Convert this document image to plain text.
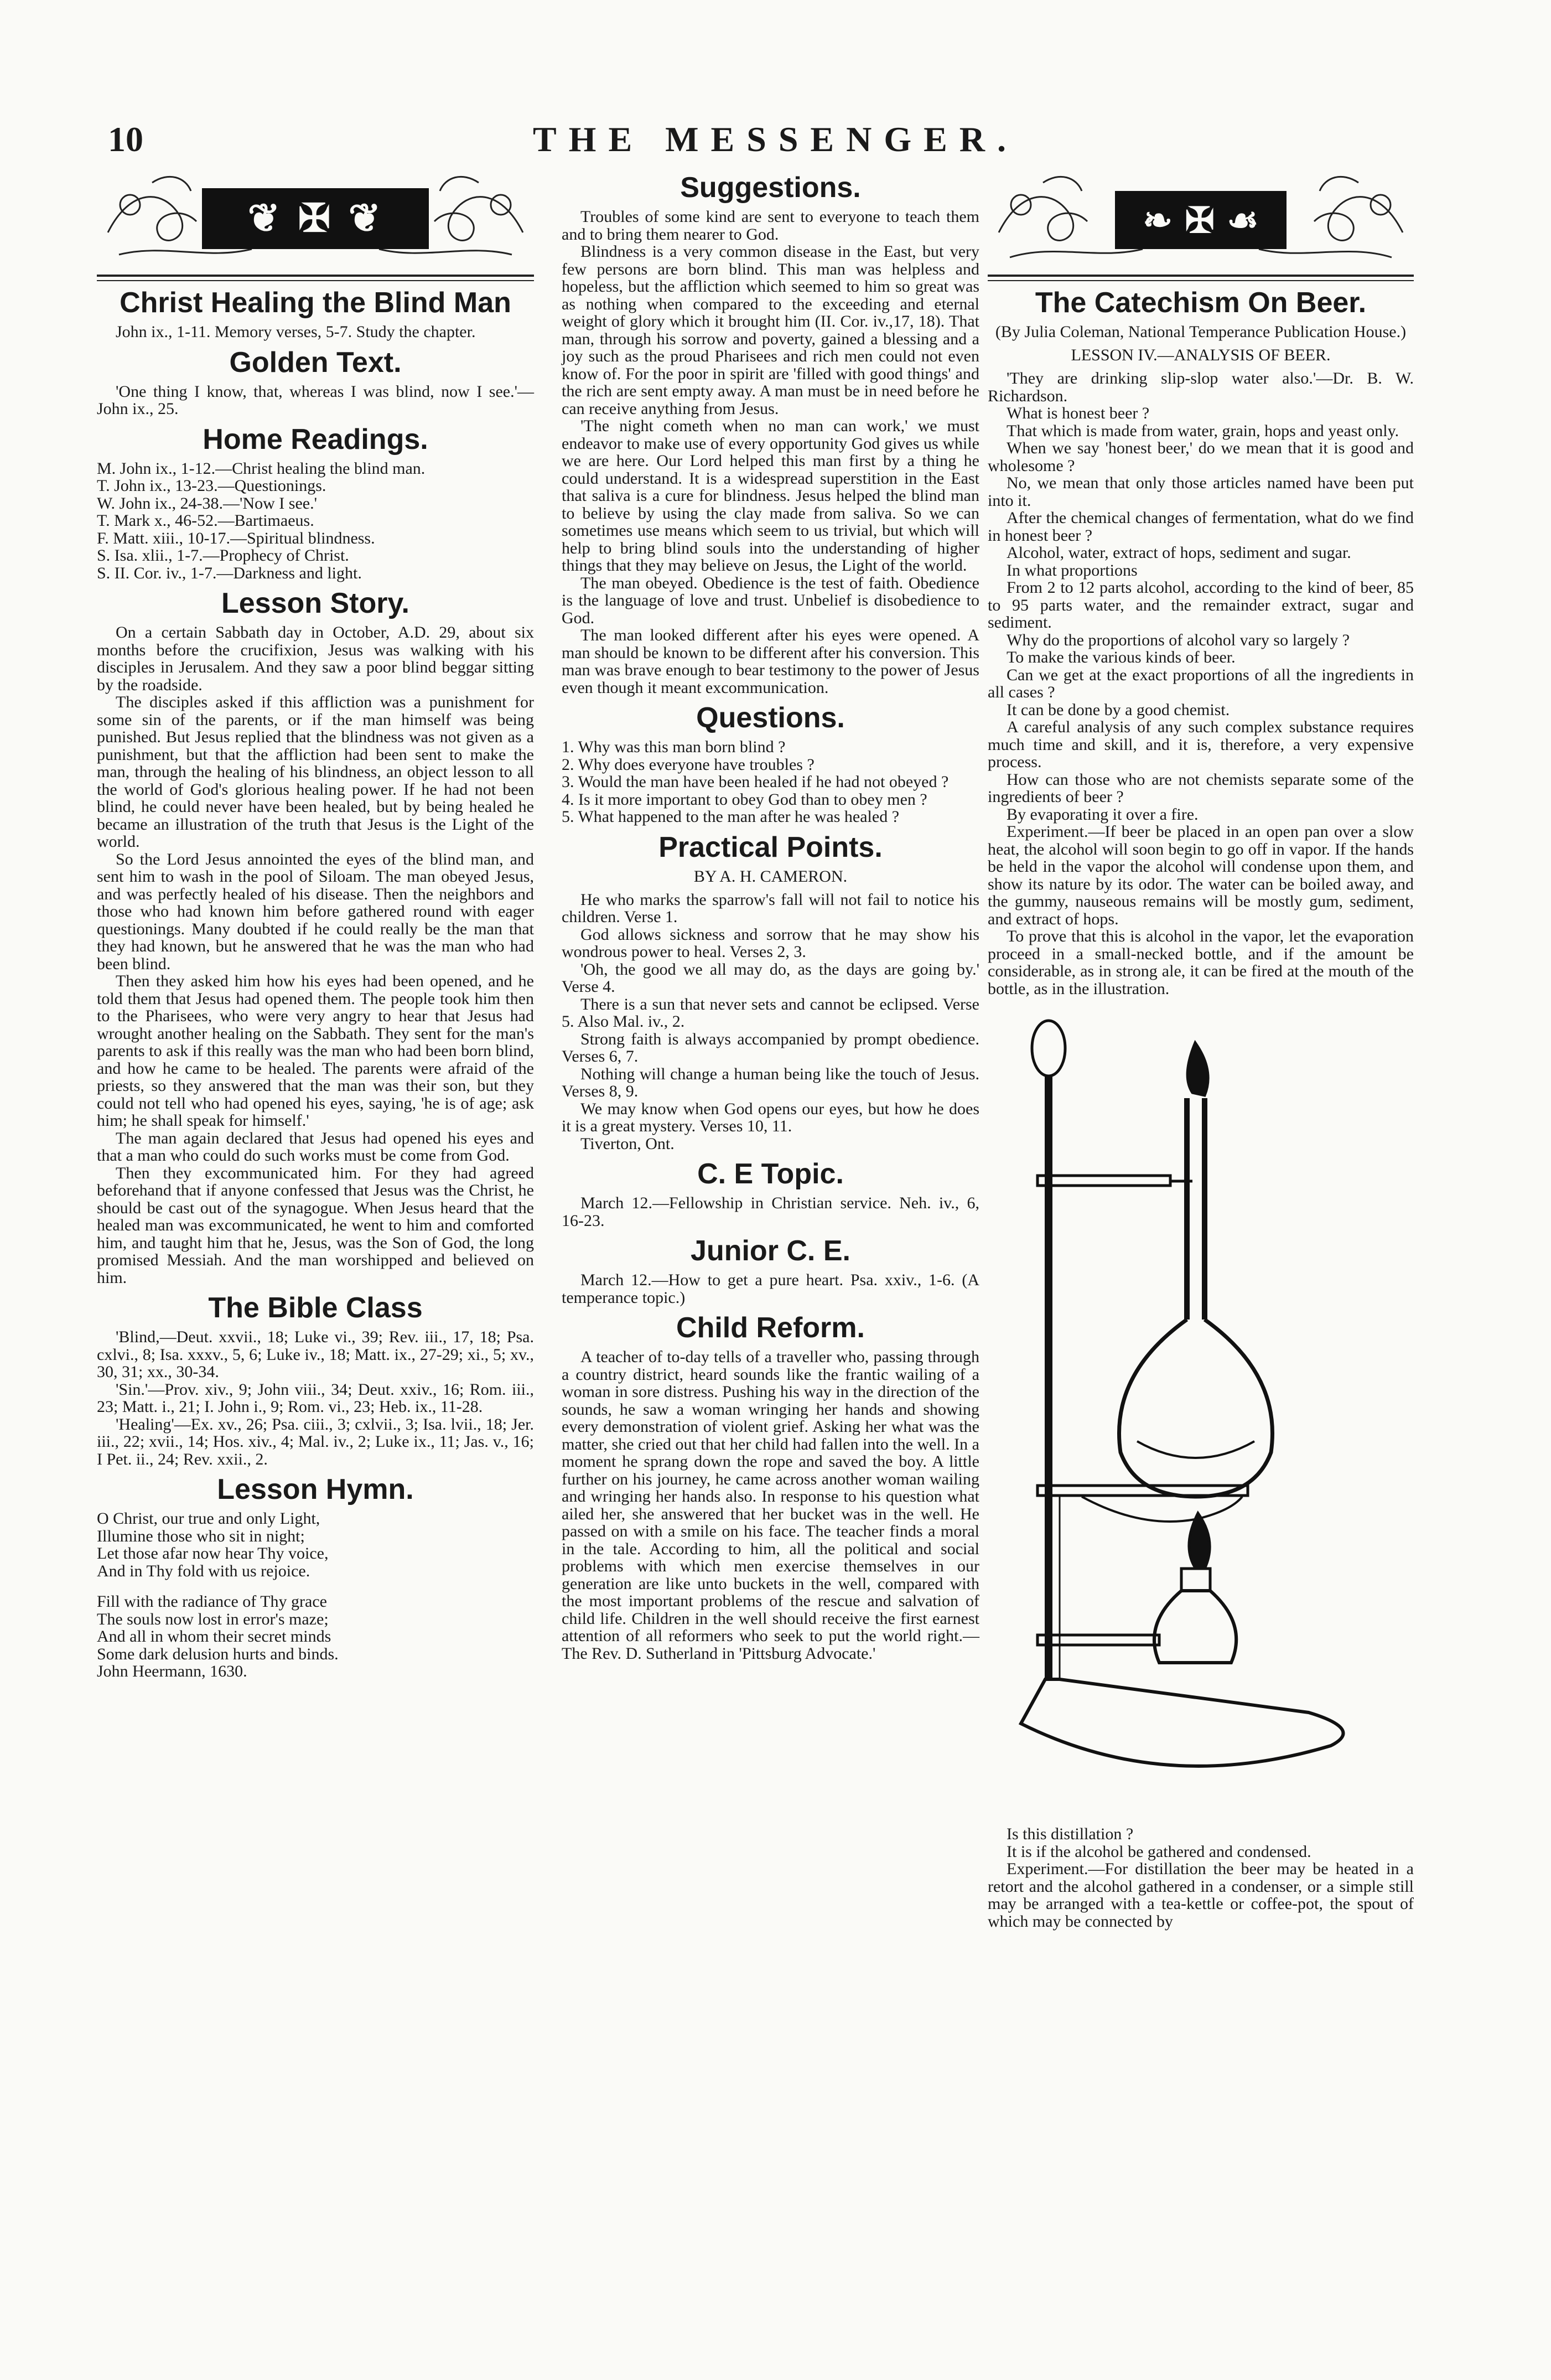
10	THE MESSENGER.
❦ ✠ ❦
Christ Healing the Blind Man

John ix., 1-11. Memory verses, 5-7. Study the chapter.

Golden Text.

'One thing I know, that, whereas I was blind, now I see.'—John ix., 25.

Home Readings.
M. John ix., 1-12.—Christ healing the blind man.
T. John ix., 13-23.—Questionings.
W. John ix., 24-38.—'Now I see.'
T. Mark x., 46-52.—Bartimaeus.
F. Matt. xiii., 10-17.—Spiritual blindness.
S. Isa. xlii., 1-7.—Prophecy of Christ.
S. II. Cor. iv., 1-7.—Darkness and light.
Lesson Story.

On a certain Sabbath day in October, A.D. 29, about six months before the crucifixion, Jesus was walking with his disciples in Jerusalem. And they saw a poor blind beggar sitting by the roadside.

The disciples asked if this affliction was a punishment for some sin of the parents, or if the man himself was being punished. But Jesus replied that the blindness was not given as a punishment, but that the affliction had been sent to make the man, through the healing of his blindness, an object lesson to all the world of God's glorious healing power. If he had not been blind, he could never have been healed, but by being healed he became an illustration of the truth that Jesus is the Light of the world.

So the Lord Jesus annointed the eyes of the blind man, and sent him to wash in the pool of Siloam. The man obeyed Jesus, and was perfectly healed of his disease. Then the neighbors and those who had known him before gathered round with eager questionings. Many doubted if he could really be the man that they had known, but he answered that he was the man who had been blind.

Then they asked him how his eyes had been opened, and he told them that Jesus had opened them. The people took him then to the Pharisees, who were very angry to hear that Jesus had wrought another healing on the Sabbath. They sent for the man's parents to ask if this really was the man who had been born blind, and how he came to be healed. The parents were afraid of the priests, so they answered that the man was their son, but they could not tell who had opened his eyes, saying, 'he is of age; ask him; he shall speak for himself.'

The man again declared that Jesus had opened his eyes and that a man who could do such works must be come from God.

Then they excommunicated him. For they had agreed beforehand that if anyone confessed that Jesus was the Christ, he should be cast out of the synagogue. When Jesus heard that the healed man was excommunicated, he went to him and comforted him, and taught him that he, Jesus, was the Son of God, the long promised Messiah. And the man worshipped and believed on him.

The Bible Class

'Blind,—Deut. xxvii., 18; Luke vi., 39; Rev. iii., 17, 18; Psa. cxlvi., 8; Isa. xxxv., 5, 6; Luke iv., 18; Matt. ix., 27-29; xi., 5; xv., 30, 31; xx., 30-34.

'Sin.'—Prov. xiv., 9; John viii., 34; Deut. xxiv., 16; Rom. iii., 23; Matt. i., 21; I. John i., 9; Rom. vi., 23; Heb. ix., 11-28.

'Healing'—Ex. xv., 26; Psa. ciii., 3; cxlvii., 3; Isa. lvii., 18; Jer. iii., 22; xvii., 14; Hos. xiv., 4; Mal. iv., 2; Luke ix., 11; Jas. v., 16; I Pet. ii., 24; Rev. xxii., 2.

Lesson Hymn.
O Christ, our true and only Light,
Illumine those who sit in night;
Let those afar now hear Thy voice,
And in Thy fold with us rejoice.
Fill with the radiance of Thy grace
The souls now lost in error's maze;
And all in whom their secret minds
Some dark delusion hurts and binds.
John Heermann, 1630.
Suggestions.

Troubles of some kind are sent to everyone to teach them and to bring them nearer to God.

Blindness is a very common disease in the East, but very few persons are born blind. This man was helpless and hopeless, but the affliction which seemed to him so great was as nothing when compared to the exceeding and eternal weight of glory which it brought him (II. Cor. iv.,17, 18). That man, through his sorrow and poverty, gained a blessing and a joy such as the proud Pharisees and rich men could not even know of. For the poor in spirit are 'filled with good things' and the rich are sent empty away. A man must be in need before he can receive anything from Jesus.

'The night cometh when no man can work,' we must endeavor to make use of every opportunity God gives us while we are here. Our Lord helped this man first by a thing he could understand. It is a widespread superstition in the East that saliva is a cure for blindness. Jesus helped the blind man to believe by using the clay made from saliva. So we can sometimes use means which seem to us trivial, but which will help to bring blind souls into the understanding of higher things that they may believe on Jesus, the Light of the world.

The man obeyed. Obedience is the test of faith. Obedience is the language of love and trust. Unbelief is disobedience to God.

The man looked different after his eyes were opened. A man should be known to be different after his conversion. This man was brave enough to bear testimony to the power of Jesus even though it meant excommunication.

Questions.
1. Why was this man born blind ?
2. Why does everyone have troubles ?
3. Would the man have been healed if he had not obeyed ?
4. Is it more important to obey God than to obey men ?
5. What happened to the man after he was healed ?
Practical Points.
BY A. H. CAMERON.

He who marks the sparrow's fall will not fail to notice his children. Verse 1.

God allows sickness and sorrow that he may show his wondrous power to heal. Verses 2, 3.

'Oh, the good we all may do, as the days are going by.' Verse 4.

There is a sun that never sets and cannot be eclipsed. Verse 5. Also Mal. iv., 2.

Strong faith is always accompanied by prompt obedience. Verses 6, 7.

Nothing will change a human being like the touch of Jesus. Verses 8, 9.

We may know when God opens our eyes, but how he does it is a great mystery. Verses 10, 11.

Tiverton, Ont.

C. E Topic.

March 12.—Fellowship in Christian service. Neh. iv., 6, 16-23.

Junior C. E.

March 12.—How to get a pure heart. Psa. xxiv., 1-6. (A temperance topic.)

Child Reform.

A teacher of to-day tells of a traveller who, passing through a country district, heard sounds like the frantic wailing of a woman in sore distress. Pushing his way in the direction of the sounds, he saw a woman wringing her hands and showing every demonstration of violent grief. Asking her what was the matter, she cried out that her child had fallen into the well. In a moment he sprang down the rope and saved the boy. A little further on his journey, he came across another woman wailing and wringing her hands also. In response to his question what ailed her, she answered that her bucket was in the well. He passed on with a smile on his face. The teacher finds a moral in the tale. According to him, all the political and social problems with which men exercise themselves in our generation are like unto buckets in the well, compared with the most important problems of the rescue and salvation of child life. Children in the well should receive the first earnest attention of all reformers who seek to put the world right.—The Rev. D. Sutherland in 'Pittsburg Advocate.'

❧ ✠ ☙
The Catechism On Beer.
(By Julia Coleman, National Temperance Publication House.)
LESSON IV.—ANALYSIS OF BEER.

'They are drinking slip-slop water also.'—Dr. B. W. Richardson.

What is honest beer ?

That which is made from water, grain, hops and yeast only.

When we say 'honest beer,' do we mean that it is good and wholesome ?

No, we mean that only those articles named have been put into it.

After the chemical changes of fermentation, what do we find in honest beer ?

Alcohol, water, extract of hops, sediment and sugar.

In what proportions

From 2 to 12 parts alcohol, according to the kind of beer, 85 to 95 parts water, and the remainder extract, sugar and sediment.

Why do the proportions of alcohol vary so largely ?

To make the various kinds of beer.

Can we get at the exact proportions of all the ingredients in all cases ?

It can be done by a good chemist.

A careful analysis of any such complex substance requires much time and skill, and it is, therefore, a very expensive process.

How can those who are not chemists separate some of the ingredients of beer ?

By evaporating it over a fire.

Experiment.—If beer be placed in an open pan over a slow heat, the alcohol will soon begin to go off in vapor. If the hands be held in the vapor the alcohol will condense upon them, and show its nature by its odor. The water can be boiled away, and the gummy, nauseous remains will be mostly gum, sediment, and extract of hops.

To prove that this is alcohol in the vapor, let the evaporation proceed in a small-necked bottle, and if the amount be considerable, as in strong ale, it can be fired at the mouth of the bottle, as in the illustration.

Is this distillation ?

It is if the alcohol be gathered and condensed.

Experiment.—For distillation the beer may be heated in a retort and the alcohol gathered in a condenser, or a simple still may be arranged with a tea-kettle or coffee-pot, the spout of which may be connected by
